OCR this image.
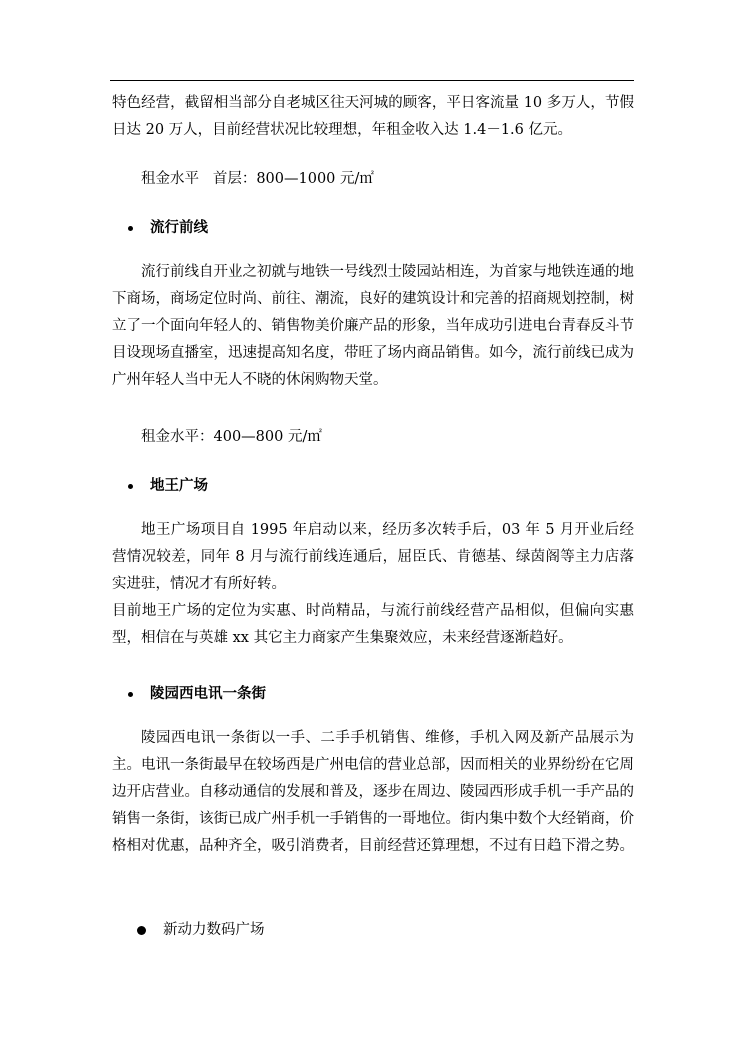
特色经营，截留相当部分自老城区往天河城的顾客，平日客流量 10 多万人，节假日达 20 万人，目前经营状况比较理想，年租金收入达 1.4－1.6 亿元。

租金水平   首层：800—1000 元/㎡

流行前线

流行前线自开业之初就与地铁一号线烈士陵园站相连，为首家与地铁连通的地下商场，商场定位时尚、前往、潮流，良好的建筑设计和完善的招商规划控制，树立了一个面向年轻人的、销售物美价廉产品的形象，当年成功引进电台青春反斗节目设现场直播室，迅速提高知名度，带旺了场内商品销售。如今，流行前线已成为广州年轻人当中无人不晓的休闲购物天堂。

租金水平：400—800 元/㎡

地王广场

地王广场项目自 1995 年启动以来，经历多次转手后，03 年 5 月开业后经营情况较差，同年 8 月与流行前线连通后，屈臣氏、肯德基、绿茵阁等主力店落实进驻，情况才有所好转。

目前地王广场的定位为实惠、时尚精品，与流行前线经营产品相似，但偏向实惠型，相信在与英雄 xx 其它主力商家产生集聚效应，未来经营逐渐趋好。

陵园西电讯一条街

陵园西电讯一条街以一手、二手手机销售、维修，手机入网及新产品展示为主。电讯一条街最早在较场西是广州电信的营业总部，因而相关的业界纷纷在它周边开店营业。自移动通信的发展和普及，逐步在周边、陵园西形成手机一手产品的销售一条街，该街已成广州手机一手销售的一哥地位。街内集中数个大经销商，价格相对优惠，品种齐全，吸引消费者，目前经营还算理想，不过有日趋下滑之势。

新动力数码广场
